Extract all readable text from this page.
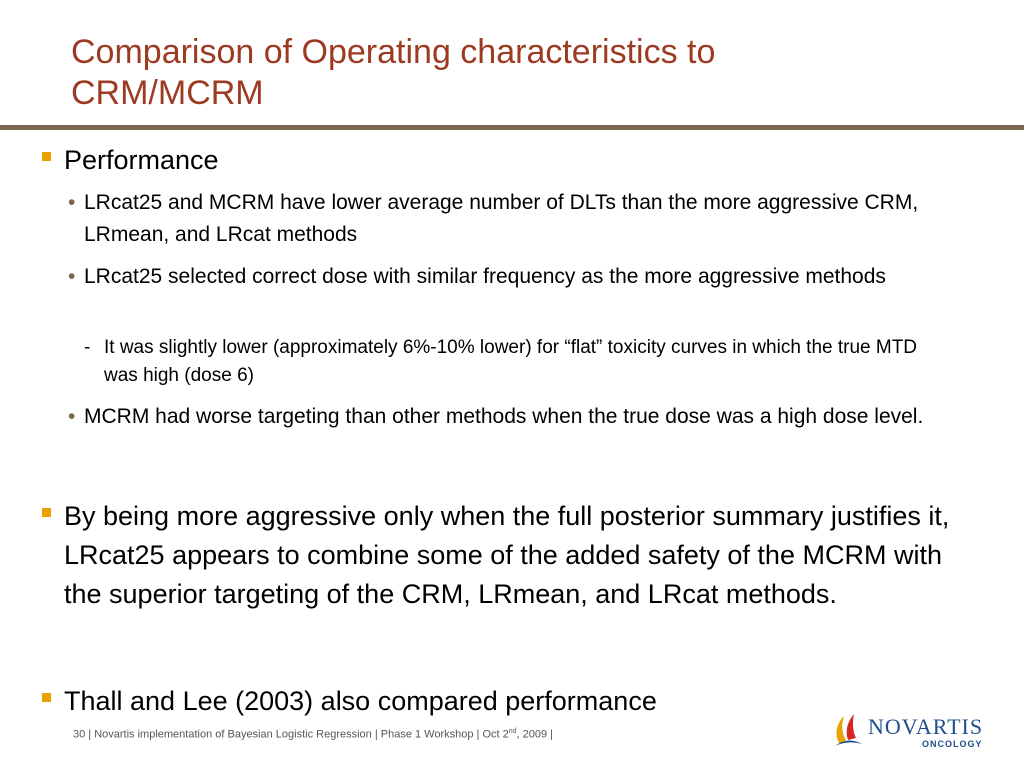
Comparison of Operating characteristics to
CRM/MCRM
Performance
• LRcat25 and MCRM have lower average number of DLTs than the more aggressive CRM, LRmean, and LRcat methods
• LRcat25 selected correct dose with similar frequency as the more aggressive methods
- It was slightly lower (approximately 6%-10% lower) for “flat” toxicity curves in which the true MTD was high (dose 6)
• MCRM had worse targeting than other methods when the true dose was a high dose level.
By being more aggressive only when the full posterior summary justifies it, LRcat25 appears to combine some of the added safety of the MCRM with the superior targeting of the CRM, LRmean, and LRcat methods.
Thall and Lee (2003) also compared performance
30 | Novartis implementation of Bayesian Logistic Regression | Phase 1 Workshop | Oct 2nd, 2009 |	NOVARTIS
ONCOLOGY
